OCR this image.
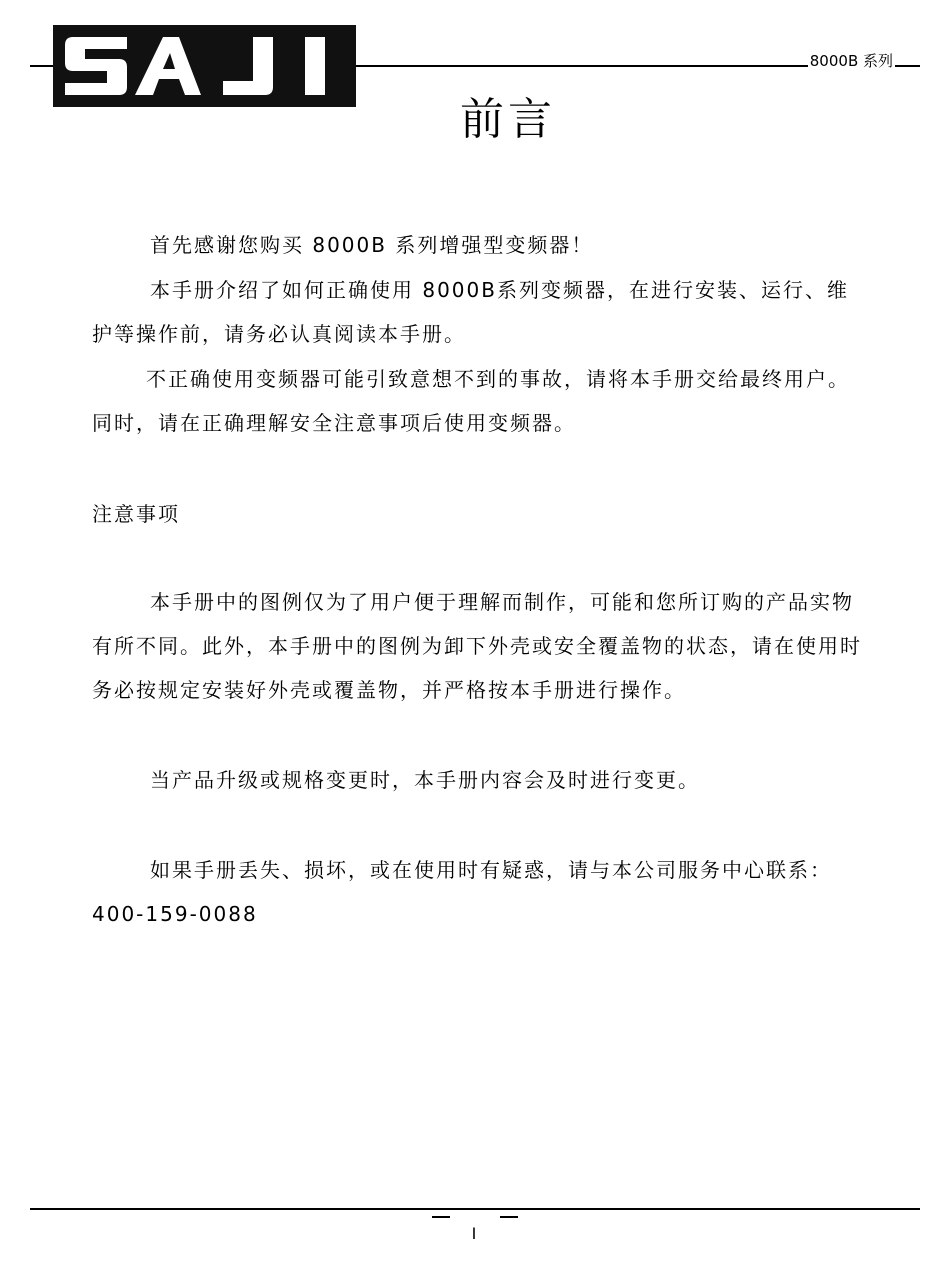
8000B 系列
前言

首先感谢您购买 8000B 系列增强型变频器！

本手册介绍了如何正确使用 8000B系列变频器，在进行安装、运行、维护等操作前，请务必认真阅读本手册。

不正确使用变频器可能引致意想不到的事故，请将本手册交给最终用户。同时，请在正确理解安全注意事项后使用变频器。

注意事项

本手册中的图例仅为了用户便于理解而制作，可能和您所订购的产品实物有所不同。此外，本手册中的图例为卸下外壳或安全覆盖物的状态，请在使用时务必按规定安装好外壳或覆盖物，并严格按本手册进行操作。

当产品升级或规格变更时，本手册内容会及时进行变更。

如果手册丢失、损坏，或在使用时有疑惑，请与本公司服务中心联系：400-159-0088

I
